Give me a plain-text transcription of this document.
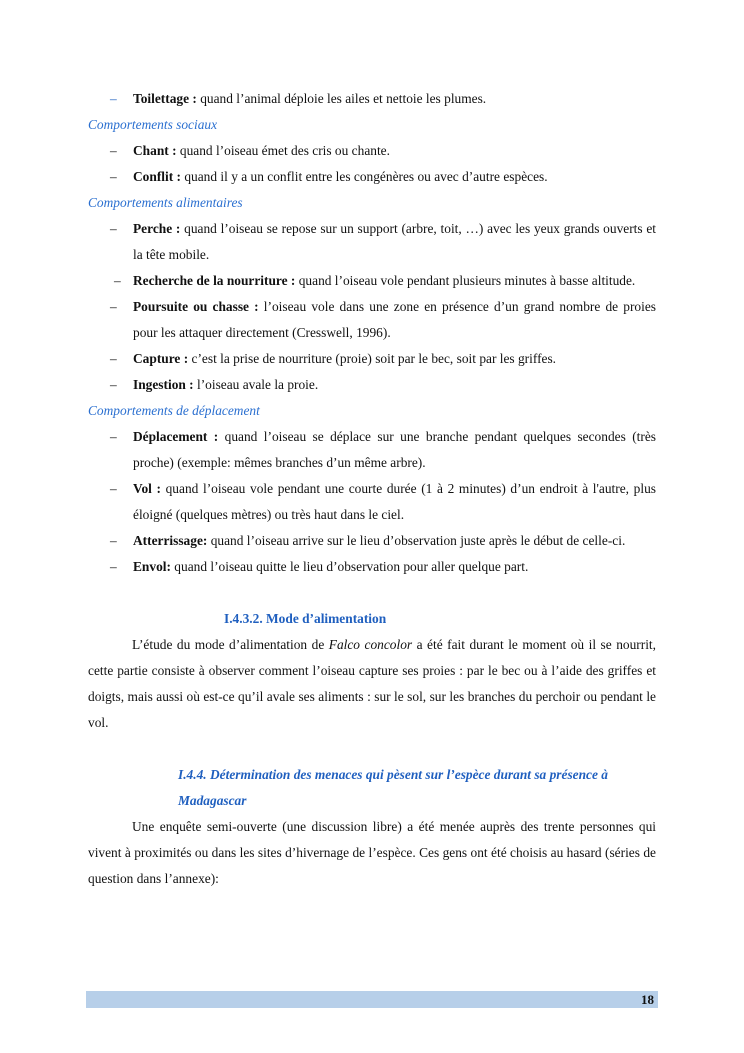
– Toilettage : quand l’animal déploie les ailes et nettoie les plumes.
Comportements sociaux
– Chant : quand l’oiseau émet des cris ou chante.
– Conflit : quand il y a un conflit entre les congénères ou avec d’autre espèces.
Comportements alimentaires
– Perche : quand l’oiseau se repose sur un support (arbre, toit, …) avec les yeux grands ouverts et la tête mobile.
– Recherche de la nourriture : quand l’oiseau vole pendant plusieurs minutes à basse altitude.
– Poursuite ou chasse : l’oiseau vole dans une zone en présence d’un grand nombre de proies pour les attaquer directement (Cresswell, 1996).
– Capture : c’est la prise de nourriture (proie) soit par le bec, soit par les griffes.
– Ingestion : l’oiseau avale la proie.
Comportements de déplacement
– Déplacement : quand l’oiseau se déplace sur une branche pendant quelques secondes (très proche) (exemple: mêmes branches d’un même arbre).
– Vol : quand l’oiseau vole pendant une courte durée (1 à 2 minutes) d’un endroit à l'autre, plus éloigné (quelques mètres) ou très haut dans le ciel.
– Atterrissage: quand l’oiseau arrive sur le lieu d’observation juste après le début de celle-ci.
– Envol: quand l’oiseau quitte le lieu d’observation pour aller quelque part.
I.4.3.2. Mode d’alimentation

L’étude du mode d’alimentation de Falco concolor a été fait durant le moment où il se nourrit, cette partie consiste à observer comment l’oiseau capture ses proies : par le bec ou à l’aide des griffes et doigts, mais aussi où est-ce qu’il avale ses aliments : sur le sol, sur les branches du perchoir ou pendant le vol.

I.4.4. Détermination des menaces qui pèsent sur l’espèce durant sa présence à Madagascar

Une enquête semi-ouverte (une discussion libre) a été menée auprès des trente personnes qui vivent à proximités ou dans les sites d’hivernage de l’espèce. Ces gens ont été choisis au hasard (séries de question dans l’annexe):

18
